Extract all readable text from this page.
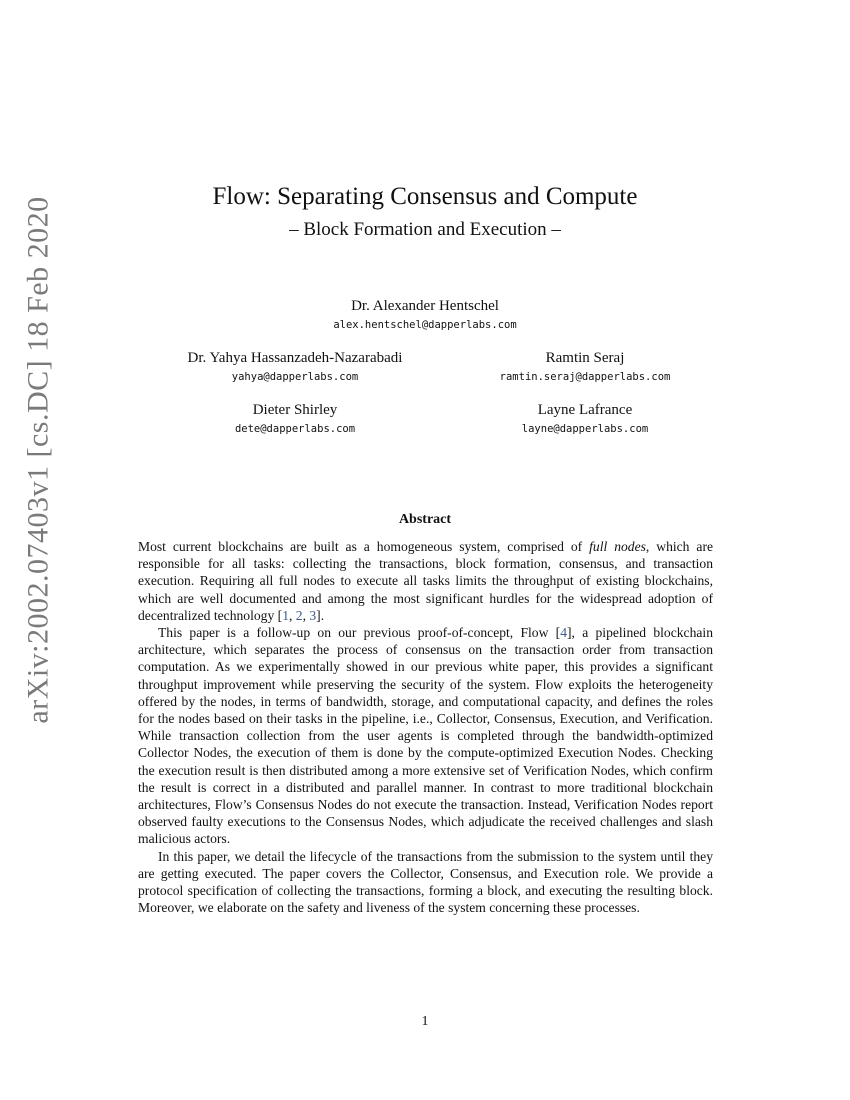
arXiv:2002.07403v1 [cs.DC] 18 Feb 2020	Flow: Separating Consensus and Compute
– Block Formation and Execution –
Dr. Alexander Hentschel
alex.hentschel@dapperlabs.com
Dr. Yahya Hassanzadeh-Nazarabadi
yahya@dapperlabs.com
Ramtin Seraj
ramtin.seraj@dapperlabs.com
Dieter Shirley
dete@dapperlabs.com
Layne Lafrance
layne@dapperlabs.com
Abstract

Most current blockchains are built as a homogeneous system, comprised of full nodes, which are responsible for all tasks: collecting the transactions, block formation, consensus, and transaction execution. Requiring all full nodes to execute all tasks limits the throughput of existing blockchains, which are well documented and among the most significant hurdles for the widespread adoption of decentralized technology [1, 2, 3].

This paper is a follow-up on our previous proof-of-concept, Flow [4], a pipelined blockchain architecture, which separates the process of consensus on the transaction order from transaction computation. As we experimentally showed in our previous white paper, this provides a significant throughput improvement while preserving the security of the system. Flow exploits the heterogeneity offered by the nodes, in terms of bandwidth, storage, and computational capacity, and defines the roles for the nodes based on their tasks in the pipeline, i.e., Collector, Consensus, Execution, and Verification. While transaction collection from the user agents is completed through the bandwidth-optimized Collector Nodes, the execution of them is done by the compute-optimized Execution Nodes. Checking the execution result is then distributed among a more extensive set of Verification Nodes, which confirm the result is correct in a distributed and parallel manner. In contrast to more traditional blockchain architectures, Flow’s Consensus Nodes do not execute the transaction. Instead, Verification Nodes report observed faulty executions to the Consensus Nodes, which adjudicate the received challenges and slash malicious actors.

In this paper, we detail the lifecycle of the transactions from the submission to the system until they are getting executed. The paper covers the Collector, Consensus, and Execution role. We provide a protocol specification of collecting the transactions, forming a block, and executing the resulting block. Moreover, we elaborate on the safety and liveness of the system concerning these processes.

1
